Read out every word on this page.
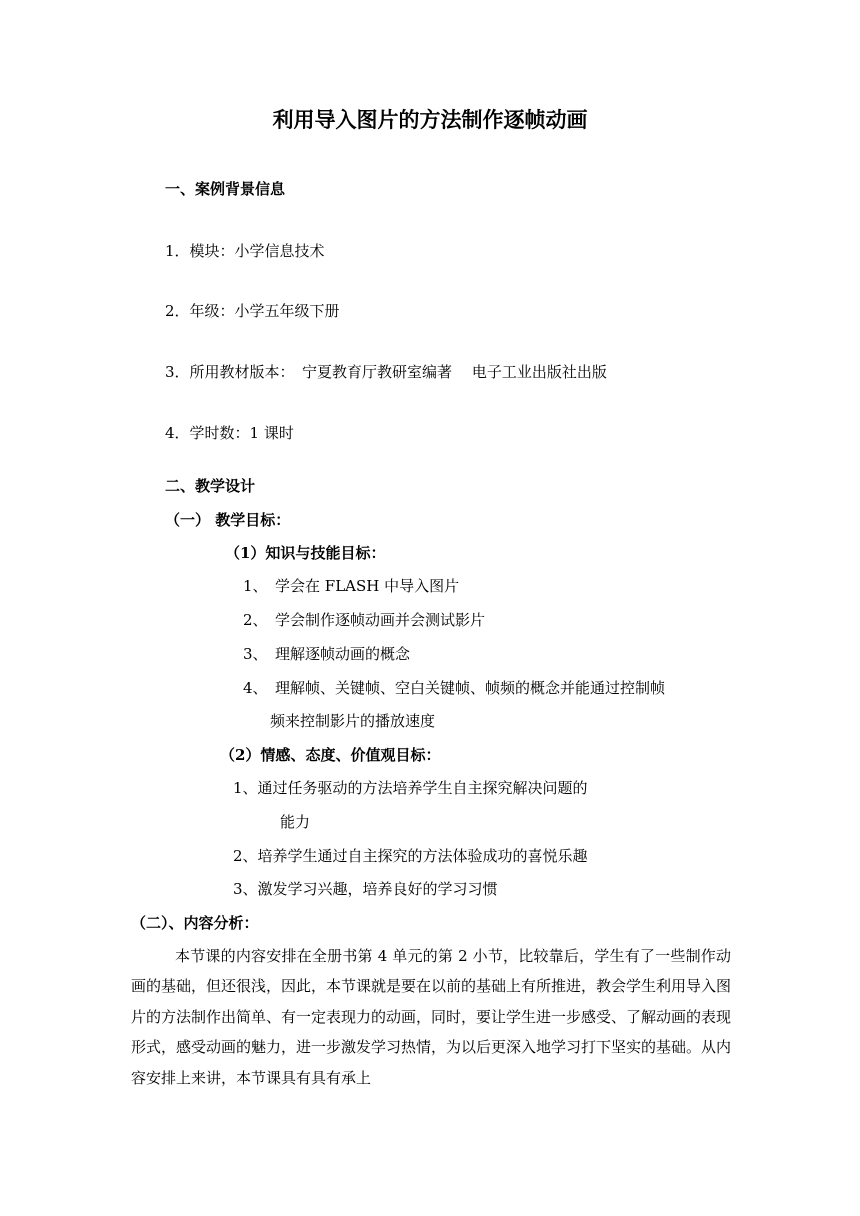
利用导入图片的方法制作逐帧动画
一、案例背景信息
1．模块：小学信息技术
2．年级：小学五年级下册
3．所用教材版本：　宁夏教育厅教研室编著　 电子工业出版社出版
4．学时数：1 课时
二、教学设计
（一） 教学目标：
（1）知识与技能目标：
1、　学会在 FLASH 中导入图片
2、　学会制作逐帧动画并会测试影片
3、　理解逐帧动画的概念
4、　理解帧、关键帧、空白关键帧、帧频的概念并能通过控制帧
频来控制影片的播放速度
（2）情感、态度、价值观目标：
1、通过任务驱动的方法培养学生自主探究解决问题的
能力
2、培养学生通过自主探究的方法体验成功的喜悦乐趣
3、激发学习兴趣，培养良好的学习习惯
（二）、内容分析：

本节课的内容安排在全册书第 4 单元的第 2 小节，比较靠后，学生有了一些制作动画的基础，但还很浅，因此，本节课就是要在以前的基础上有所推进，教会学生利用导入图片的方法制作出简单、有一定表现力的动画，同时，要让学生进一步感受、了解动画的表现形式，感受动画的魅力，进一步激发学习热情，为以后更深入地学习打下坚实的基础。从内容安排上来讲，本节课具有具有承上
